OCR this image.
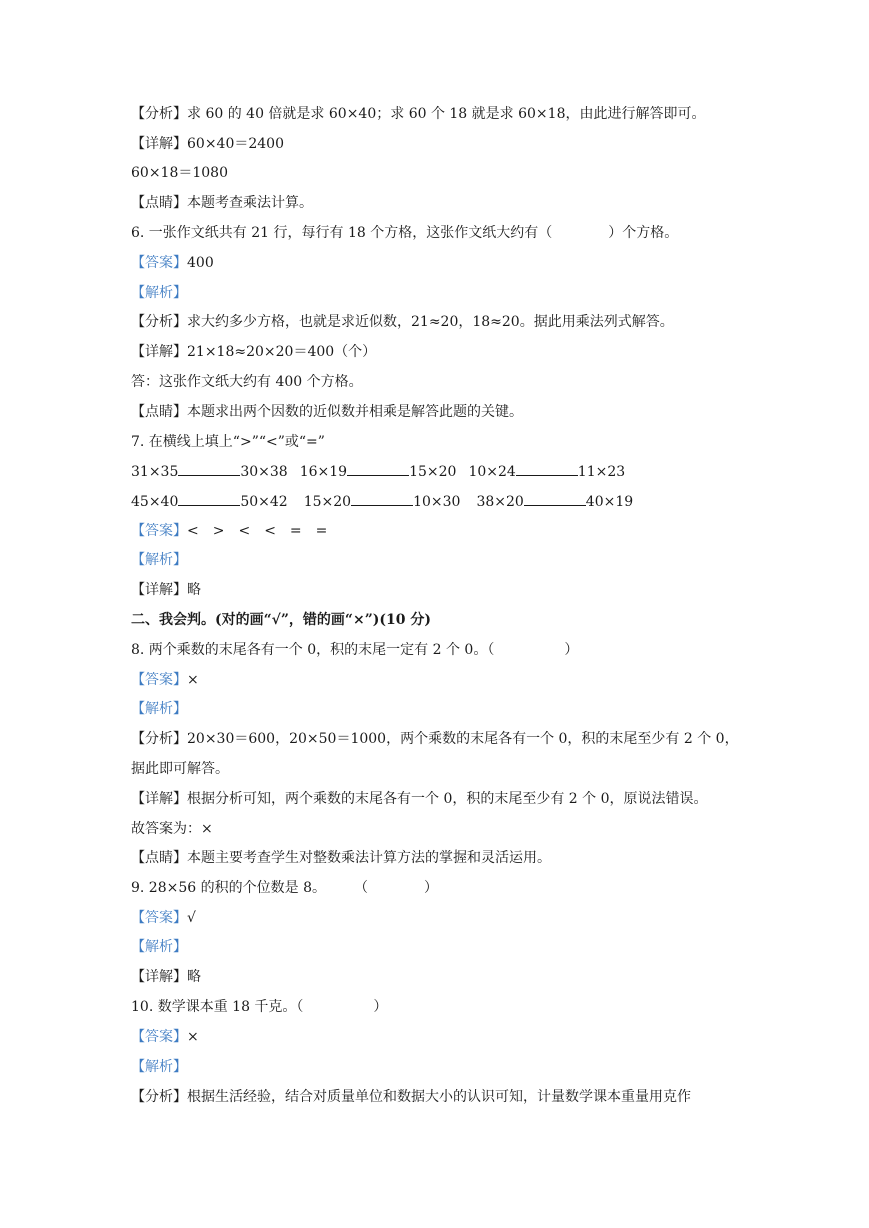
【分析】求 60 的 40 倍就是求 60×40；求 60 个 18 就是求 60×18，由此进行解答即可。
【详解】60×40＝2400
60×18＝1080
【点睛】本题考查乘法计算。
6. 一张作文纸共有 21 行，每行有 18 个方格，这张作文纸大约有（　　　　）个方格。
【答案】400
【解析】
【分析】求大约多少方格，也就是求近似数，21≈20，18≈20。据此用乘法列式解答。
【详解】21×18≈20×20＝400（个）
答：这张作文纸大约有 400 个方格。
【点睛】本题求出两个因数的近似数并相乘是解答此题的关键。
7. 在横线上填上“>”“<”或“=”
31×35	30×38 16×19	15×20 10×24	11×23
45×40	50×42 15×20	10×30 38×20	40×19
【答案】<　>　<　<　=　=
【解析】
【详解】略
二、我会判。(对的画“√”，错的画“×”)(10 分)
8. 两个乘数的末尾各有一个 0，积的末尾一定有 2 个 0。（　　　　　）
【答案】×
【解析】
【分析】20×30＝600，20×50＝1000，两个乘数的末尾各有一个 0，积的末尾至少有 2 个 0，
据此即可解答。
【详解】根据分析可知，两个乘数的末尾各有一个 0，积的末尾至少有 2 个 0，原说法错误。
故答案为：×
【点睛】本题主要考查学生对整数乘法计算方法的掌握和灵活运用。
9. 28×56 的积的个位数是 8。　　　（　　　　）
【答案】√
【解析】
【详解】略
10. 数学课本重 18 千克。（　　　　　）
【答案】×
【解析】
【分析】根据生活经验，结合对质量单位和数据大小的认识可知，计量数学课本重量用克作
